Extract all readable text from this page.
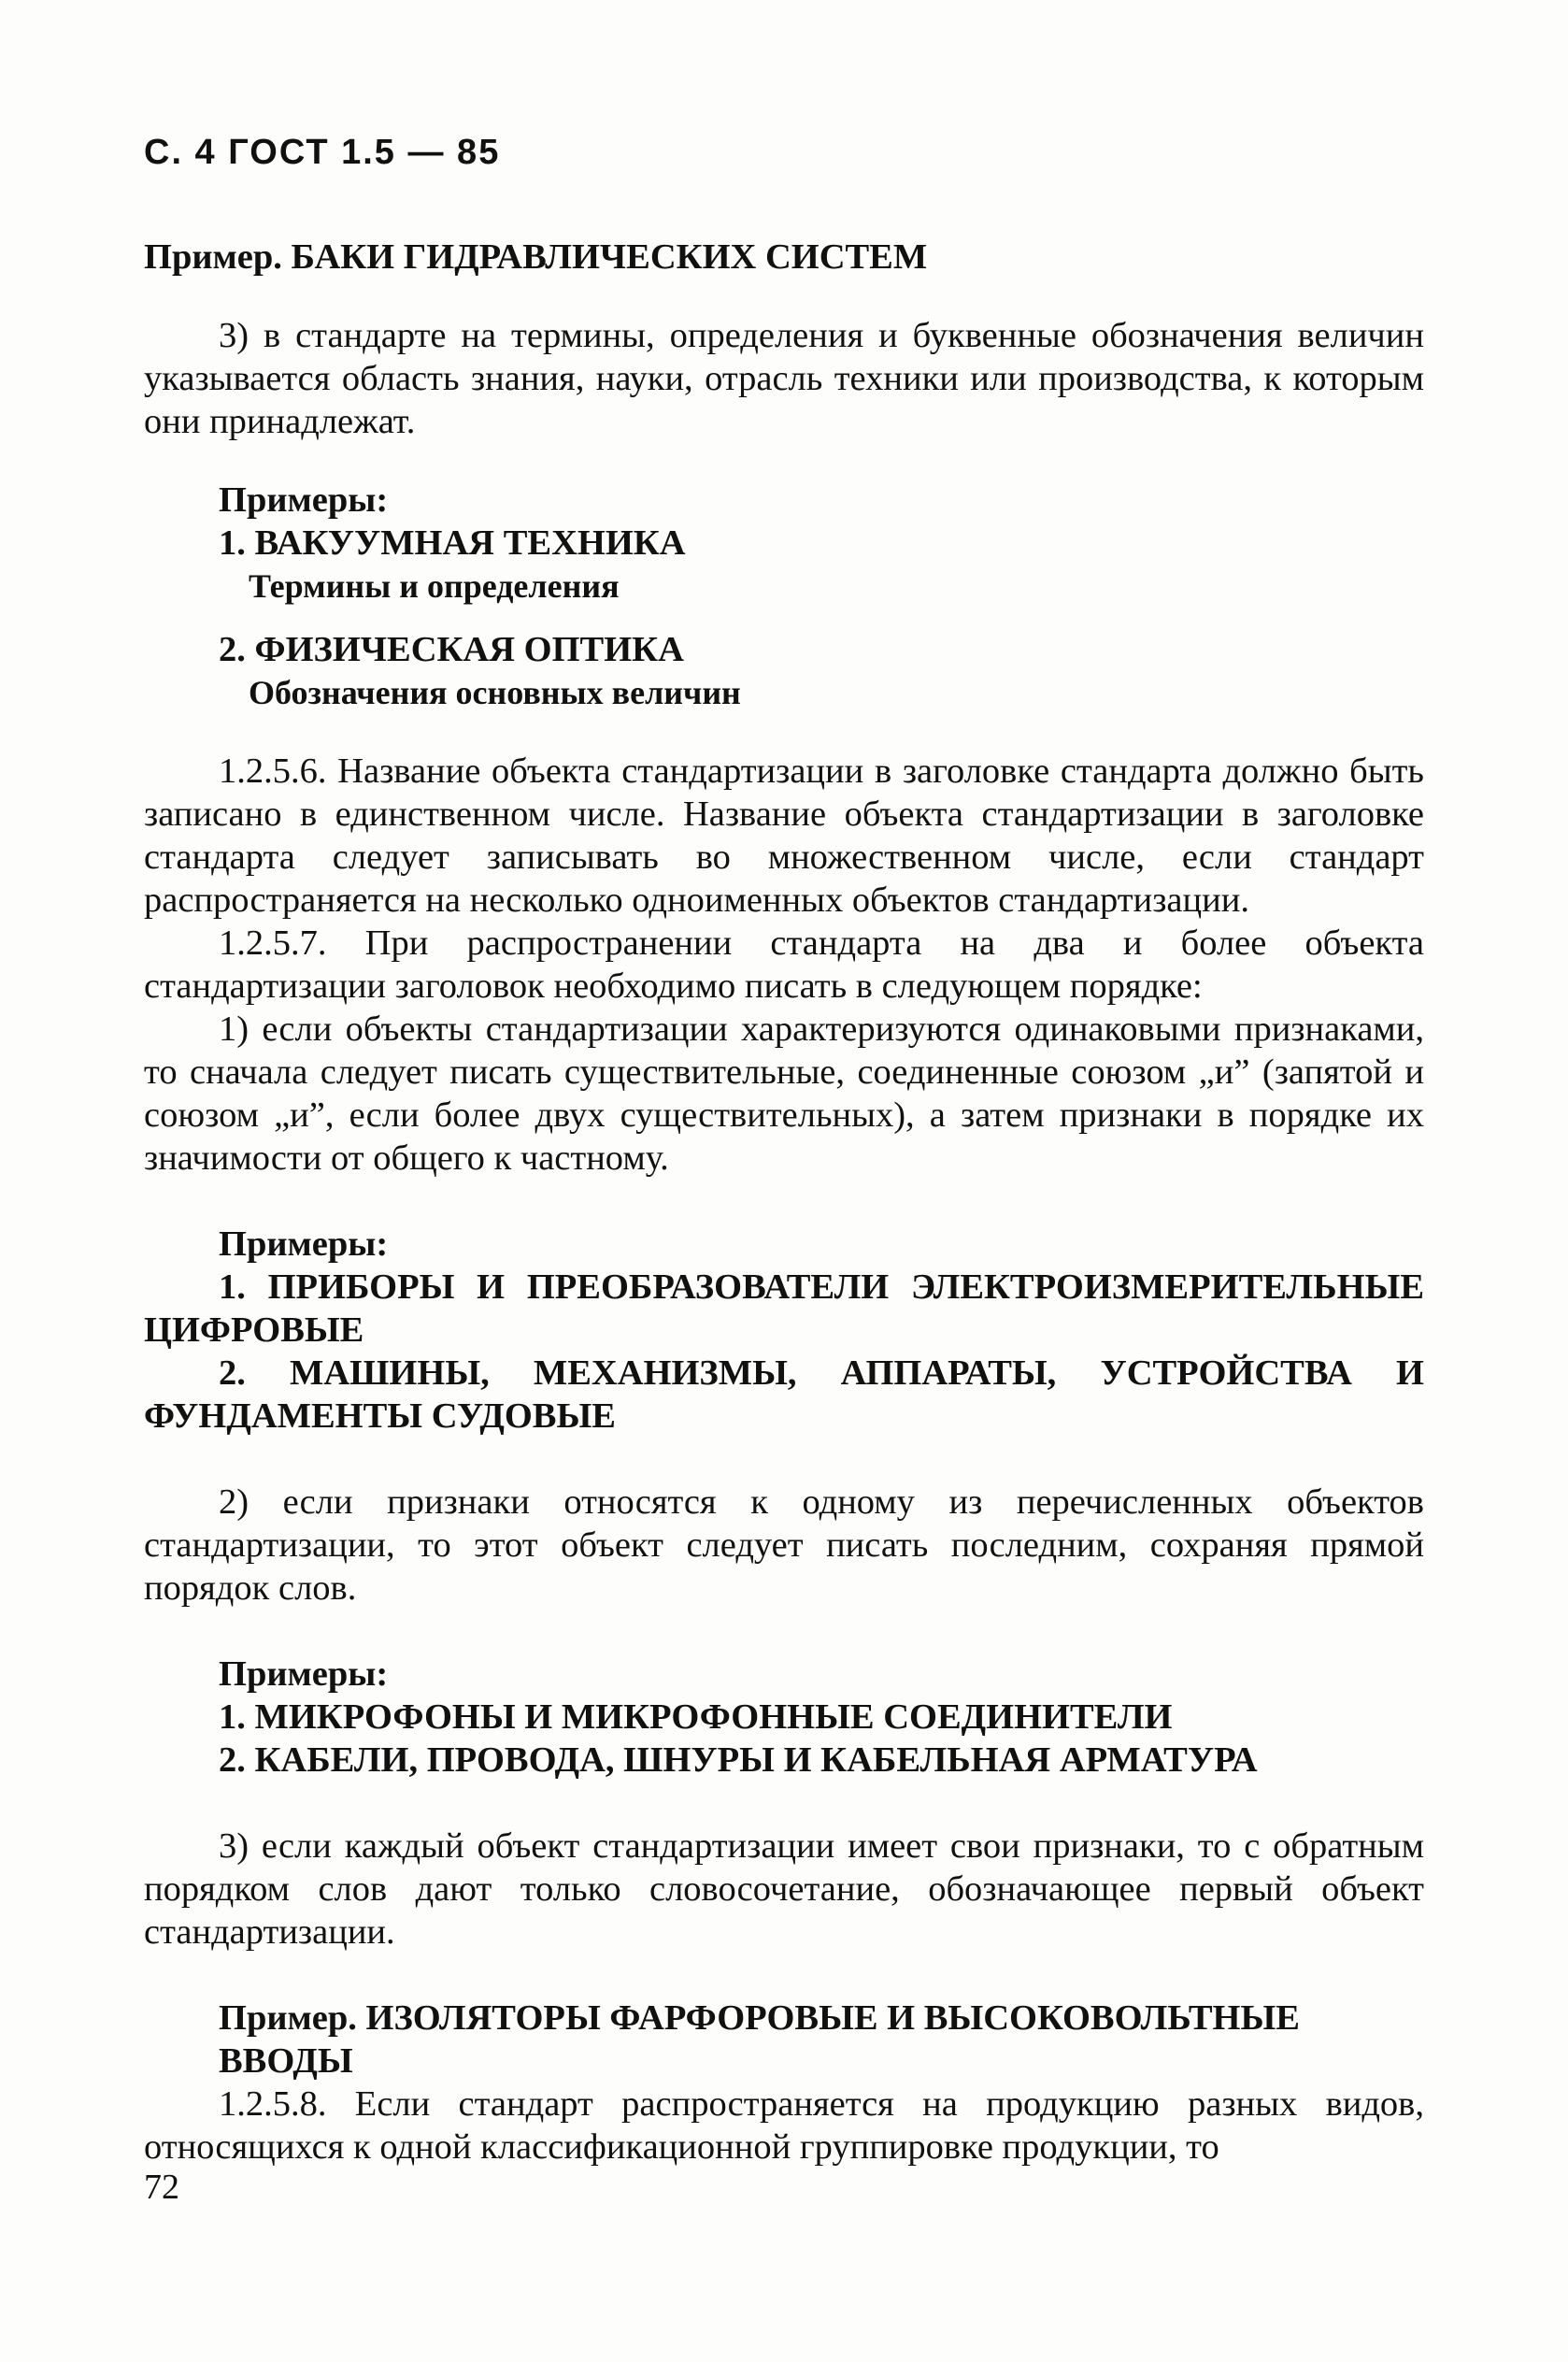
С. 4 ГОСТ 1.5 — 85

Пример. БАКИ ГИДРАВЛИЧЕСКИХ СИСТЕМ

3) в стандарте на термины, определения и буквенные обозначения величин указывается область знания, науки, отрасль техники или производства, к которым они принадлежат.

Примеры:
1. ВАКУУМНАЯ ТЕХНИКА
Термины и определения
2. ФИЗИЧЕСКАЯ ОПТИКА
Обозначения основных величин

1.2.5.6. Название объекта стандартизации в заголовке стандарта должно быть записано в единственном числе. Название объекта стандартизации в заголовке стандарта следует записывать во множественном числе, если стандарт распространяется на несколько одноименных объектов стандартизации.

1.2.5.7. При распространении стандарта на два и более объекта стандартизации заголовок необходимо писать в следующем порядке:

1) если объекты стандартизации характеризуются одинаковыми признаками, то сначала следует писать существительные, соединенные союзом „и” (запятой и союзом „и”, если более двух существительных), а затем признаки в порядке их значимости от общего к частному.

Примеры:

1. ПРИБОРЫ И ПРЕОБРАЗОВАТЕЛИ ЭЛЕКТРОИЗМЕРИТЕЛЬНЫЕ ЦИФРОВЫЕ

2. МАШИНЫ, МЕХАНИЗМЫ, АППАРАТЫ, УСТРОЙСТВА И ФУНДАМЕНТЫ СУДОВЫЕ

2) если признаки относятся к одному из перечисленных объектов стандартизации, то этот объект следует писать последним, сохраняя прямой порядок слов.

Примеры:
1. МИКРОФОНЫ И МИКРОФОННЫЕ СОЕДИНИТЕЛИ
2. КАБЕЛИ, ПРОВОДА, ШНУРЫ И КАБЕЛЬНАЯ АРМАТУРА

3) если каждый объект стандартизации имеет свои признаки, то с обратным порядком слов дают только словосочетание, обозначающее первый объект стандартизации.

Пример. ИЗОЛЯТОРЫ ФАРФОРОВЫЕ И ВЫСОКОВОЛЬТНЫЕ ВВОДЫ

1.2.5.8. Если стандарт распространяется на продукцию разных видов, относящихся к одной классификационной группировке продукции, то

72
